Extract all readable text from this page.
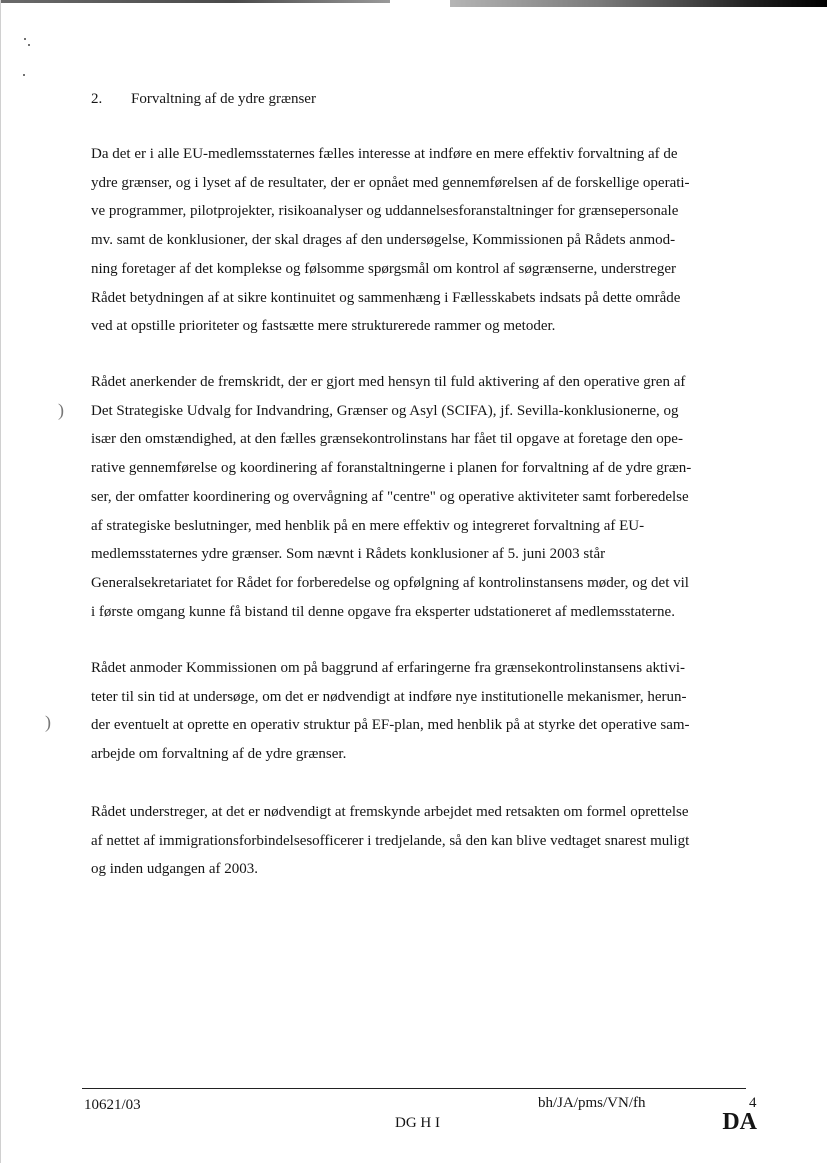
)
)
2. Forvaltning af de ydre grænser
Da det er i alle EU-medlemsstaternes fælles interesse at indføre en mere effektiv forvaltning af de
ydre grænser, og i lyset af de resultater, der er opnået med gennemførelsen af de forskellige operati-
ve programmer, pilotprojekter, risikoanalyser og uddannelsesforanstaltninger for grænsepersonale
mv. samt de konklusioner, der skal drages af den undersøgelse, Kommissionen på Rådets anmod-
ning foretager af det komplekse og følsomme spørgsmål om kontrol af søgrænserne, understreger
Rådet betydningen af at sikre kontinuitet og sammenhæng i Fællesskabets indsats på dette område
ved at opstille prioriteter og fastsætte mere strukturerede rammer og metoder.
Rådet anerkender de fremskridt, der er gjort med hensyn til fuld aktivering af den operative gren af
Det Strategiske Udvalg for Indvandring, Grænser og Asyl (SCIFA), jf. Sevilla-konklusionerne, og
især den omstændighed, at den fælles grænsekontrolinstans har fået til opgave at foretage den ope-
rative gennemførelse og koordinering af foranstaltningerne i planen for forvaltning af de ydre græn-
ser, der omfatter koordinering og overvågning af "centre" og operative aktiviteter samt forberedelse
af strategiske beslutninger, med henblik på en mere effektiv og integreret forvaltning af EU-
medlemsstaternes ydre grænser. Som nævnt i Rådets konklusioner af 5. juni 2003 står
Generalsekretariatet for Rådet for forberedelse og opfølgning af kontrolinstansens møder, og det vil
i første omgang kunne få bistand til denne opgave fra eksperter udstationeret af medlemsstaterne.
Rådet anmoder Kommissionen om på baggrund af erfaringerne fra grænsekontrolinstansens aktivi-
teter til sin tid at undersøge, om det er nødvendigt at indføre nye institutionelle mekanismer, herun-
der eventuelt at oprette en operativ struktur på EF-plan, med henblik på at styrke det operative sam-
arbejde om forvaltning af de ydre grænser.
Rådet understreger, at det er nødvendigt at fremskynde arbejdet med retsakten om formel oprettelse
af nettet af immigrationsforbindelsesofficerer i tredjelande, så den kan blive vedtaget snarest muligt
og inden udgangen af 2003.
10621/03	bh/JA/pms/VN/fh	4
DG H I	DA
